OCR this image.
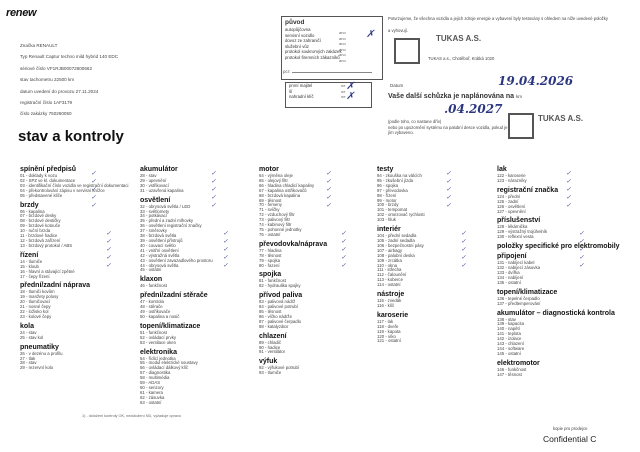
renew
Značka RENAULT
Typ Renault Captur techno mild hybrid 140 EDC
sériové číslo VF1RJB00072800662
stav tachometru 22500 km
datum uvedení do provozu 27.11.2024
registrační číslo 1AF3179
číslo zakázky 750260050
původ
autopůjčovna
servisní vozidlo
dovoz ze zahraničí
služební vůz
protokol soukromých zakázek
protokol firemních zákazníků
ano
ano
ano
ano
ano
ano
✗
pcr:
první majitel
ší
nahradní klíč
ne
ne
ne
✗
✗
Potvrzujeme, že všechna vozidla a jejich zdroje energie a vybavení byly testovány s ohledem na níže uvedené položky
a vyhovují.
TUKAS a.s., Chotěboř, Krátká 1020
TUKAS A.S.
Datum	19.04.2026
Vaše další schůzka je naplánována na km
.04.2027
(podle toho, co nastane dřív)
nebo po upozornění systému na palubní desce vozidla, pokud je jím vybaveno.
TUKAS A.S.
stav a kontroly
spínění předpisů
01 - doklady k vozu
02 - SPZ ve kl. dokumentace
03 - identifikační číslo vozidla ve registrační dokumentaci
04 - překontrolování zápisu v servisní knížce
05 - představené klíče
brzdy
06 - kapalina
07 - brzdové desky
08 - brzdové destičky
09 - brzdové kotouče
10 - ruční brzda
11 - brzdové hadice
12 - brzdová zařízení
13 - brzdový protokol / ABS
řízení
14 - tlumiče
15 - kloub
16 - hlavní a stávající zpětné
17 - čepy řízení
přední/zadní náprava
18 - tlumiči kovům
19 - manžety polosy
20 - tlumičovací
21 - nosné čepy
22 - ložisko kol
23 - kolové čepy
kola
24 - stav
25 - stav kol
pneumatiky
26 - v dezénu a profilu
27 - tlak
28 - stav
29 - rezervní kolo
akumulátor
28 - stav
29 - upevnění
30 - vstřikovací
31 - uzavřená kapalina
osvětlení
32 - obrysová světla / LED
33 - světlomety
34 - potkávací
35 - přední a zadní mlhovky
36 - osvětlení registrační značky
37 - směrovky
38 - brzdová světla
39 - osvětlení přístrojů
40 - couvací světlo
41 - vnitřní osvětlení
42 - výstražná světla
43 - osvětlení zavazadlového prostoru
44 - obrysová světla
45 - ostatní
klaxon
46 - funkčnost
přední/zadní stěrače
47 - kontrola
48 - stěrače
49 - ostřikovače
50 - kapalina a nosič
topení/klimatizace
51 - funkčnost
52 - ovládací prvky
53 - ventilace oken
elektronika
54 - řídící jednotka
55 - modul elektrické soustavy
56 - ovládací dálkový klíč
57 - diagnostika
58 - multimédia
59 - ADAS
60 - senzory
61 - kamera
62 - zásuvka
63 - ostatní
motor
64 - výměna oleje
65 - olejový filtr
66 - hladina chladicí kapaliny
67 - kapalina ostřikovačů
68 - brzdová kapalina
69 - těsnost
70 - řemeny
71 - svíčky
72 - vzduchový filtr
73 - palivový filtr
74 - kabinový filtr
75 - pohonné jednotky
76 - ostatní
převodovka/náprava
77 - hladina
78 - těsnost
79 - spojka
80 - řazení
spojka
81 - funkčnost
82 - hydraulika spojky
přívod paliva
83 - palivová nádrž
84 - palivové potrubí
85 - těsnost
86 - víčko nádrže
87 - palivové čerpadlo
88 - katalyzátor
chlazení
89 - chladič
90 - hadice
91 - ventilátor
výfuk
92 - výfukové potrubí
93 - tlumiče
testy
94 - zkouška na válcích
95 - zkušební jízda
96 - spojka
97 - převodovka
98 - řízení
99 - motor
100 - brzdy
101 - tempomat
102 - omezovač rychlosti
103 - hluk
interiér
104 - přední sedadla
105 - zadní sedadla
106 - bezpečnostní pásy
107 - airbagy
108 - palubní deska
109 - zrcátka
110 - okna
111 - střecha
112 - čalounění
113 - koberce
114 - ostatní
nástroje
115 - zvedák
116 - klíč
karoserie
117 - lak
118 - dveře
119 - kapota
120 - víko
121 - ostatní
lak
122 - karoserie
123 - nárazníky
registrační značka
124 - přední
125 - zadní
126 - osvětlení
127 - upevnění
příslušenství
128 - lékárnička
129 - výstražný trojúhelník
130 - reflexní vesta
položky specifické pro elektromobily
připojení
131 - nabíjecí kabel
132 - nabíjecí zásuvka
133 - dvířka
134 - nabíjení
135 - ostatní
topení/klimatizace
136 - tepelné čerpadlo
137 - předtemperování
akumulátor – diagnostická kontrola
138 - stav
139 - kapacita
140 - napětí
141 - teplota
142 - izolace
143 - chlazení
144 - software
145 - ostatní
elektromotor
146 - funkčnost
147 - těsnost
1) - doložení kontroly OK, nedoložení ND, vyžaduje opravu
kopie pro prodejce
Confidential C
✓✓✓✓✓
✓✓✓✓✓
✓✓✓✓✓
✓✓✓✓✓
✓✓✓✓✓
✓✓✓✓✓
✓✓✓✓✓
✓✓✓✓✓
✓✓✓✓✓
✓✓✓✓✓
